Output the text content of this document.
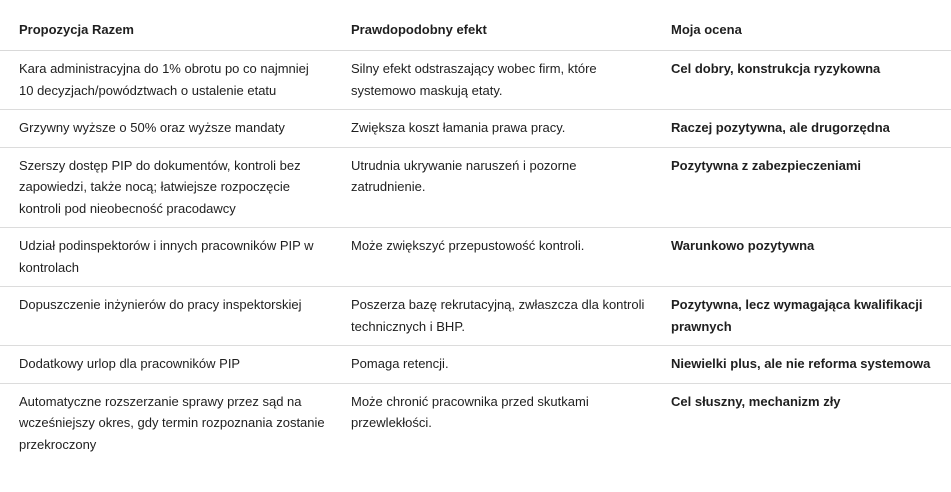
Propozycja Razem	Prawdopodobny efekt	Moja ocena
Kara administracyjna do 1% obrotu po co najmniej 10 decyzjach/powództwach o ustalenie etatu	Silny efekt odstraszający wobec firm, które systemowo maskują etaty.	Cel dobry, konstrukcja ryzykowna
Grzywny wyższe o 50% oraz wyższe mandaty	Zwiększa koszt łamania prawa pracy.	Raczej pozytywna, ale drugorzędna
Szerszy dostęp PIP do dokumentów, kontroli bez zapowiedzi, także nocą; łatwiejsze rozpoczęcie kontroli pod nieobecność pracodawcy	Utrudnia ukrywanie naruszeń i pozorne zatrudnienie.	Pozytywna z zabezpieczeniami
Udział podinspektorów i innych pracowników PIP w kontrolach	Może zwiększyć przepustowość kontroli.	Warunkowo pozytywna
Dopuszczenie inżynierów do pracy inspektorskiej	Poszerza bazę rekrutacyjną, zwłaszcza dla kontroli technicznych i BHP.	Pozytywna, lecz wymagająca kwalifikacji prawnych
Dodatkowy urlop dla pracowników PIP	Pomaga retencji.	Niewielki plus, ale nie reforma systemowa
Automatyczne rozszerzanie sprawy przez sąd na wcześniejszy okres, gdy termin rozpoznania zostanie przekroczony	Może chronić pracownika przed skutkami przewlekłości.	Cel słuszny, mechanizm zły
